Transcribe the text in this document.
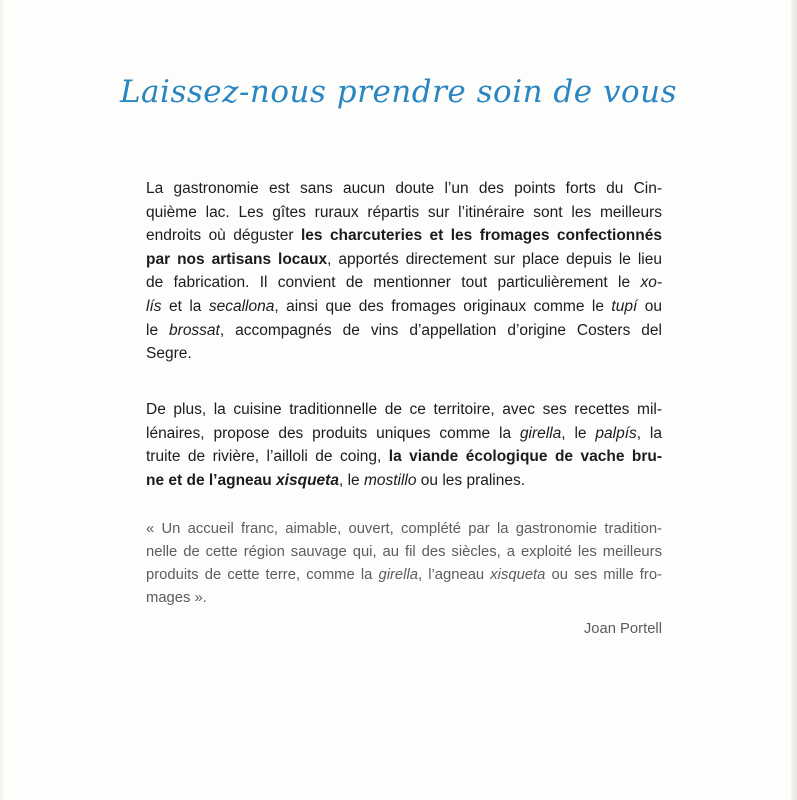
Laissez-nous prendre soin de vous
La gastronomie est sans aucun doute l’un des points forts du Cin-
quième lac. Les gîtes ruraux répartis sur l’itinéraire sont les meilleurs
endroits où déguster les charcuteries et les fromages confectionnés
par nos artisans locaux, apportés directement sur place depuis le lieu
de fabrication. Il convient de mentionner tout particulièrement le xo-
lís et la secallona, ainsi que des fromages originaux comme le tupí ou
le brossat, accompagnés de vins d’appellation d’origine Costers del
Segre.
De plus, la cuisine traditionnelle de ce territoire, avec ses recettes mil-
lénaires, propose des produits uniques comme la girella, le palpís, la
truite de rivière, l’ailloli de coing, la viande écologique de vache bru-
ne et de l’agneau xisqueta, le mostillo ou les pralines.
« Un accueil franc, aimable, ouvert, complété par la gastronomie tradition-
nelle de cette région sauvage qui, au fil des siècles, a exploité les meilleurs
produits de cette terre, comme la girella, l’agneau xisqueta ou ses mille fro-
mages ».
Joan Portell
